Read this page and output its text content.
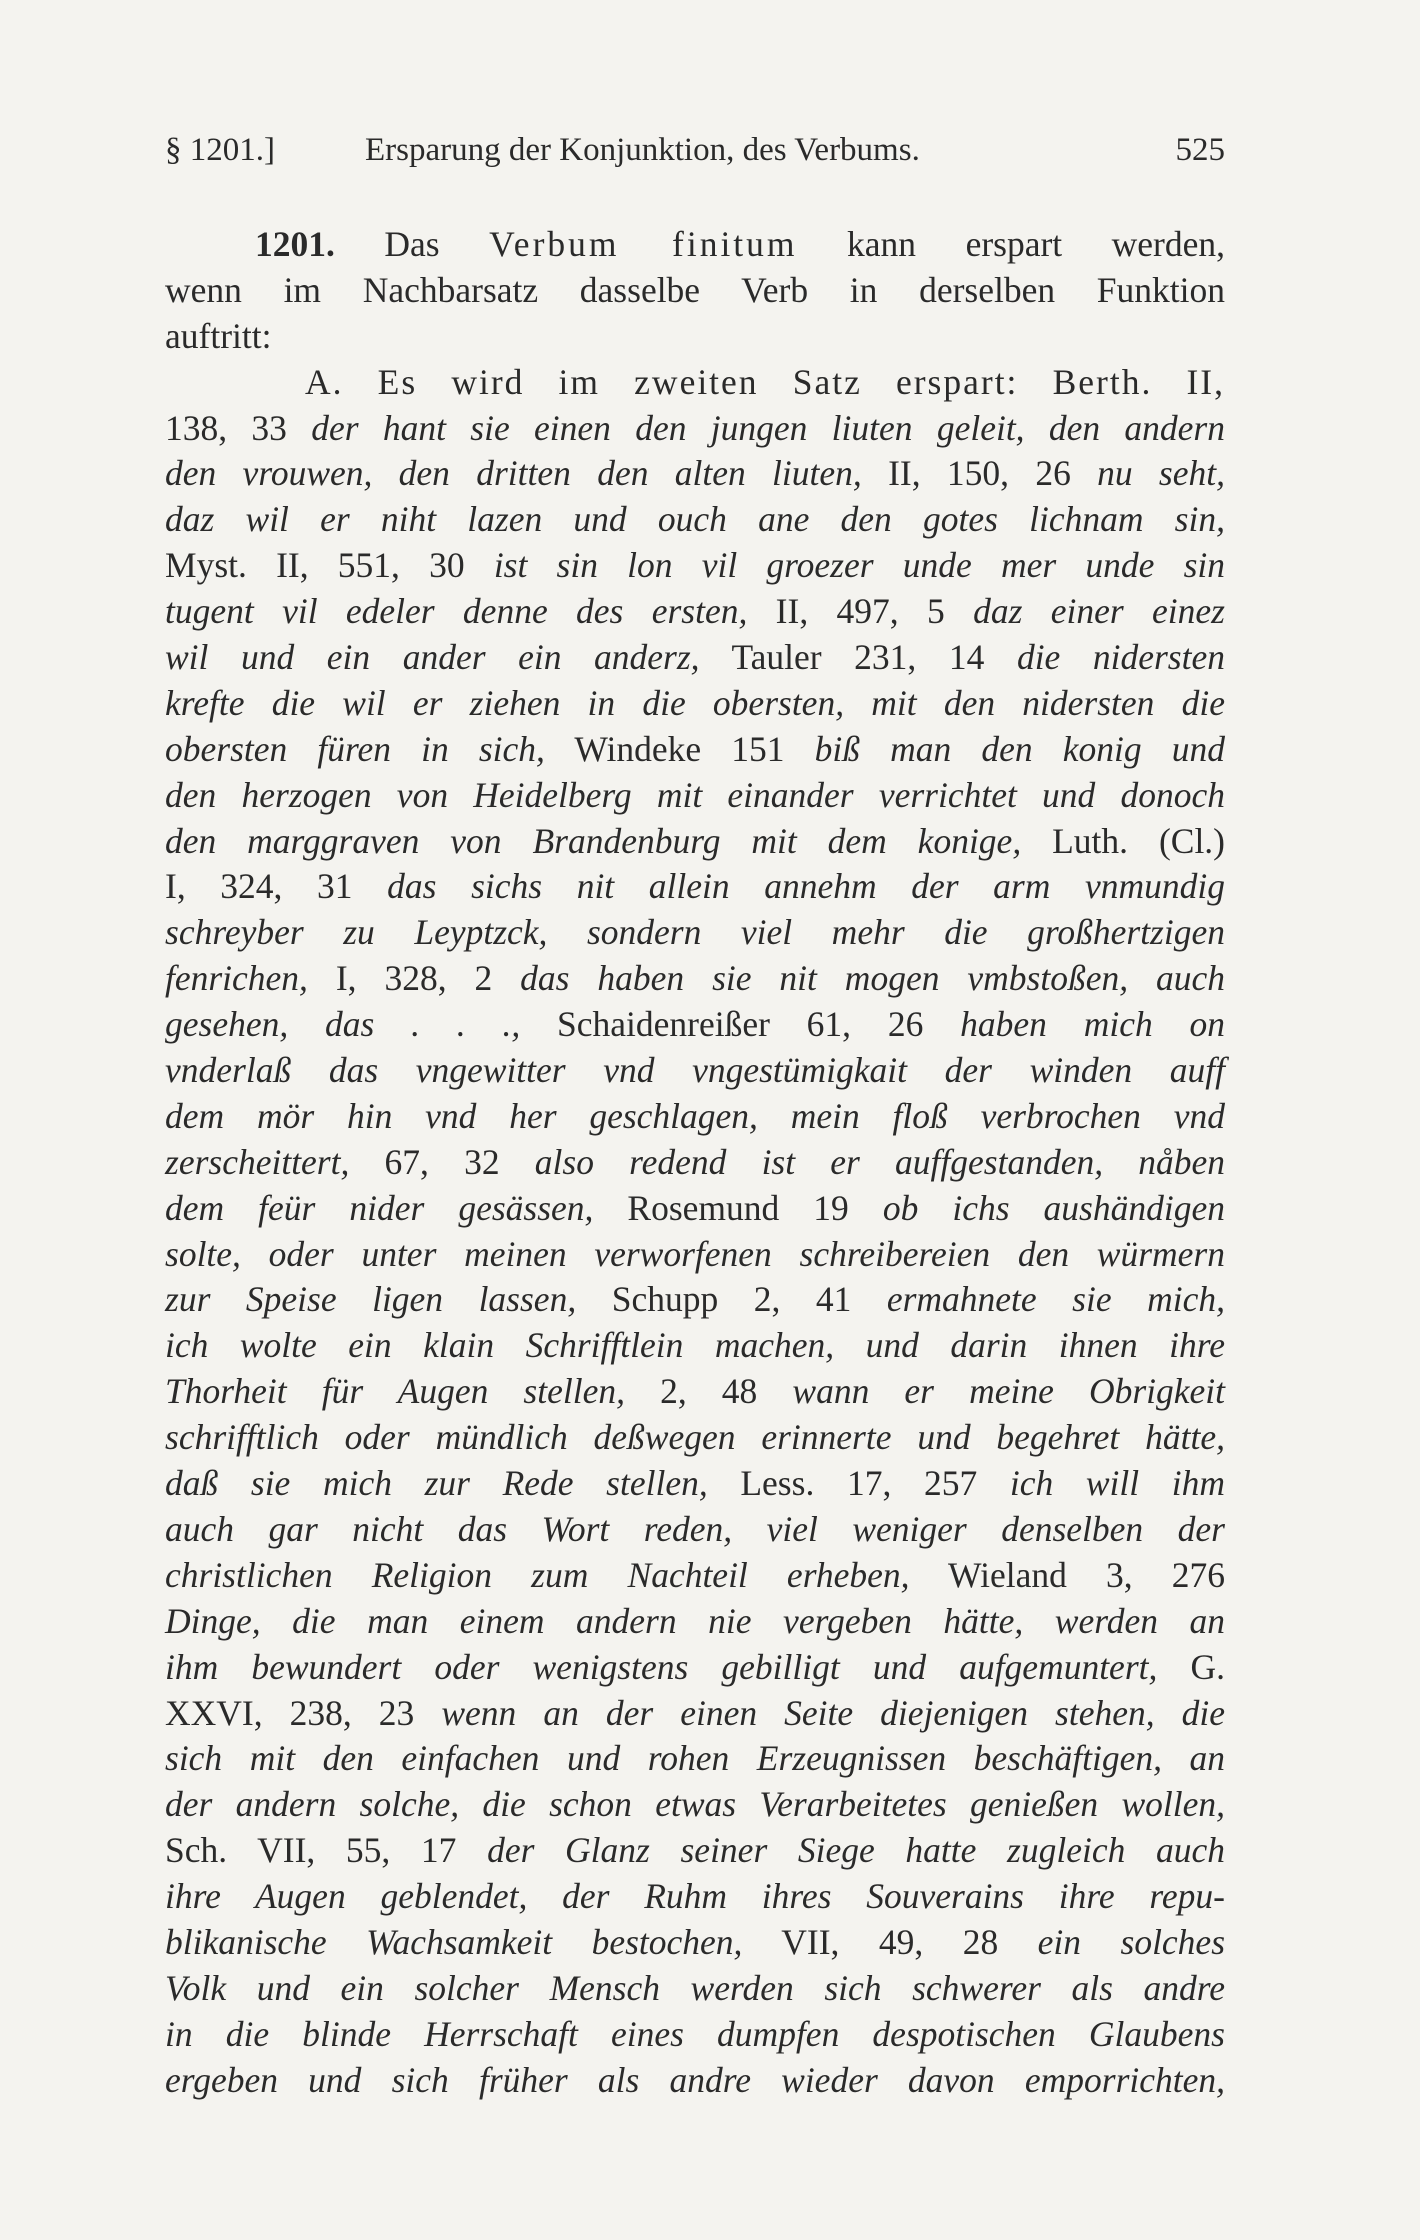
§ 1201.]	Ersparung der Konjunktion, des Verbums.	525
1201. Das Verbum finitum kann erspart werden,
wenn im Nachbarsatz dasselbe Verb in derselben Funktion
auftritt:
A. Es wird im zweiten Satz erspart: Berth. II,
138, 33 der hant sie einen den jungen liuten geleit, den andern
den vrouwen, den dritten den alten liuten, II, 150, 26 nu seht,
daz wil er niht lazen und ouch ane den gotes lichnam sin,
Myst. II, 551, 30 ist sin lon vil groezer unde mer unde sin
tugent vil edeler denne des ersten, II, 497, 5 daz einer einez
wil und ein ander ein anderz, Tauler 231, 14 die nidersten
krefte die wil er ziehen in die obersten, mit den nidersten die
obersten füren in sich, Windeke 151 biß man den konig und
den herzogen von Heidelberg mit einander verrichtet und donoch
den marggraven von Brandenburg mit dem konige, Luth. (Cl.)
I, 324, 31 das sichs nit allein annehm der arm vnmundig
schreyber zu Leyptzck, sondern viel mehr die großhertzigen
fenrichen, I, 328, 2 das haben sie nit mogen vmbstoßen, auch
gesehen, das . . ., Schaidenreißer 61, 26 haben mich on
vnderlaß das vngewitter vnd vngestümigkait der winden auff
dem mör hin vnd her geschlagen, mein floß verbrochen vnd
zerscheittert, 67, 32 also redend ist er auffgestanden, nåben
dem feür nider gesässen, Rosemund 19 ob ichs aushändigen
solte, oder unter meinen verworfenen schreibereien den würmern
zur Speise ligen lassen, Schupp 2, 41 ermahnete sie mich,
ich wolte ein klain Schrifftlein machen, und darin ihnen ihre
Thorheit für Augen stellen, 2, 48 wann er meine Obrigkeit
schrifftlich oder mündlich deßwegen erinnerte und begehret hätte,
daß sie mich zur Rede stellen, Less. 17, 257 ich will ihm
auch gar nicht das Wort reden, viel weniger denselben der
christlichen Religion zum Nachteil erheben, Wieland 3, 276
Dinge, die man einem andern nie vergeben hätte, werden an
ihm bewundert oder wenigstens gebilligt und aufgemuntert, G.
XXVI, 238, 23 wenn an der einen Seite diejenigen stehen, die
sich mit den einfachen und rohen Erzeugnissen beschäftigen, an
der andern solche, die schon etwas Verarbeitetes genießen wollen,
Sch. VII, 55, 17 der Glanz seiner Siege hatte zugleich auch
ihre Augen geblendet, der Ruhm ihres Souverains ihre repu-
blikanische Wachsamkeit bestochen, VII, 49, 28 ein solches
Volk und ein solcher Mensch werden sich schwerer als andre
in die blinde Herrschaft eines dumpfen despotischen Glaubens
ergeben und sich früher als andre wieder davon emporrichten,
